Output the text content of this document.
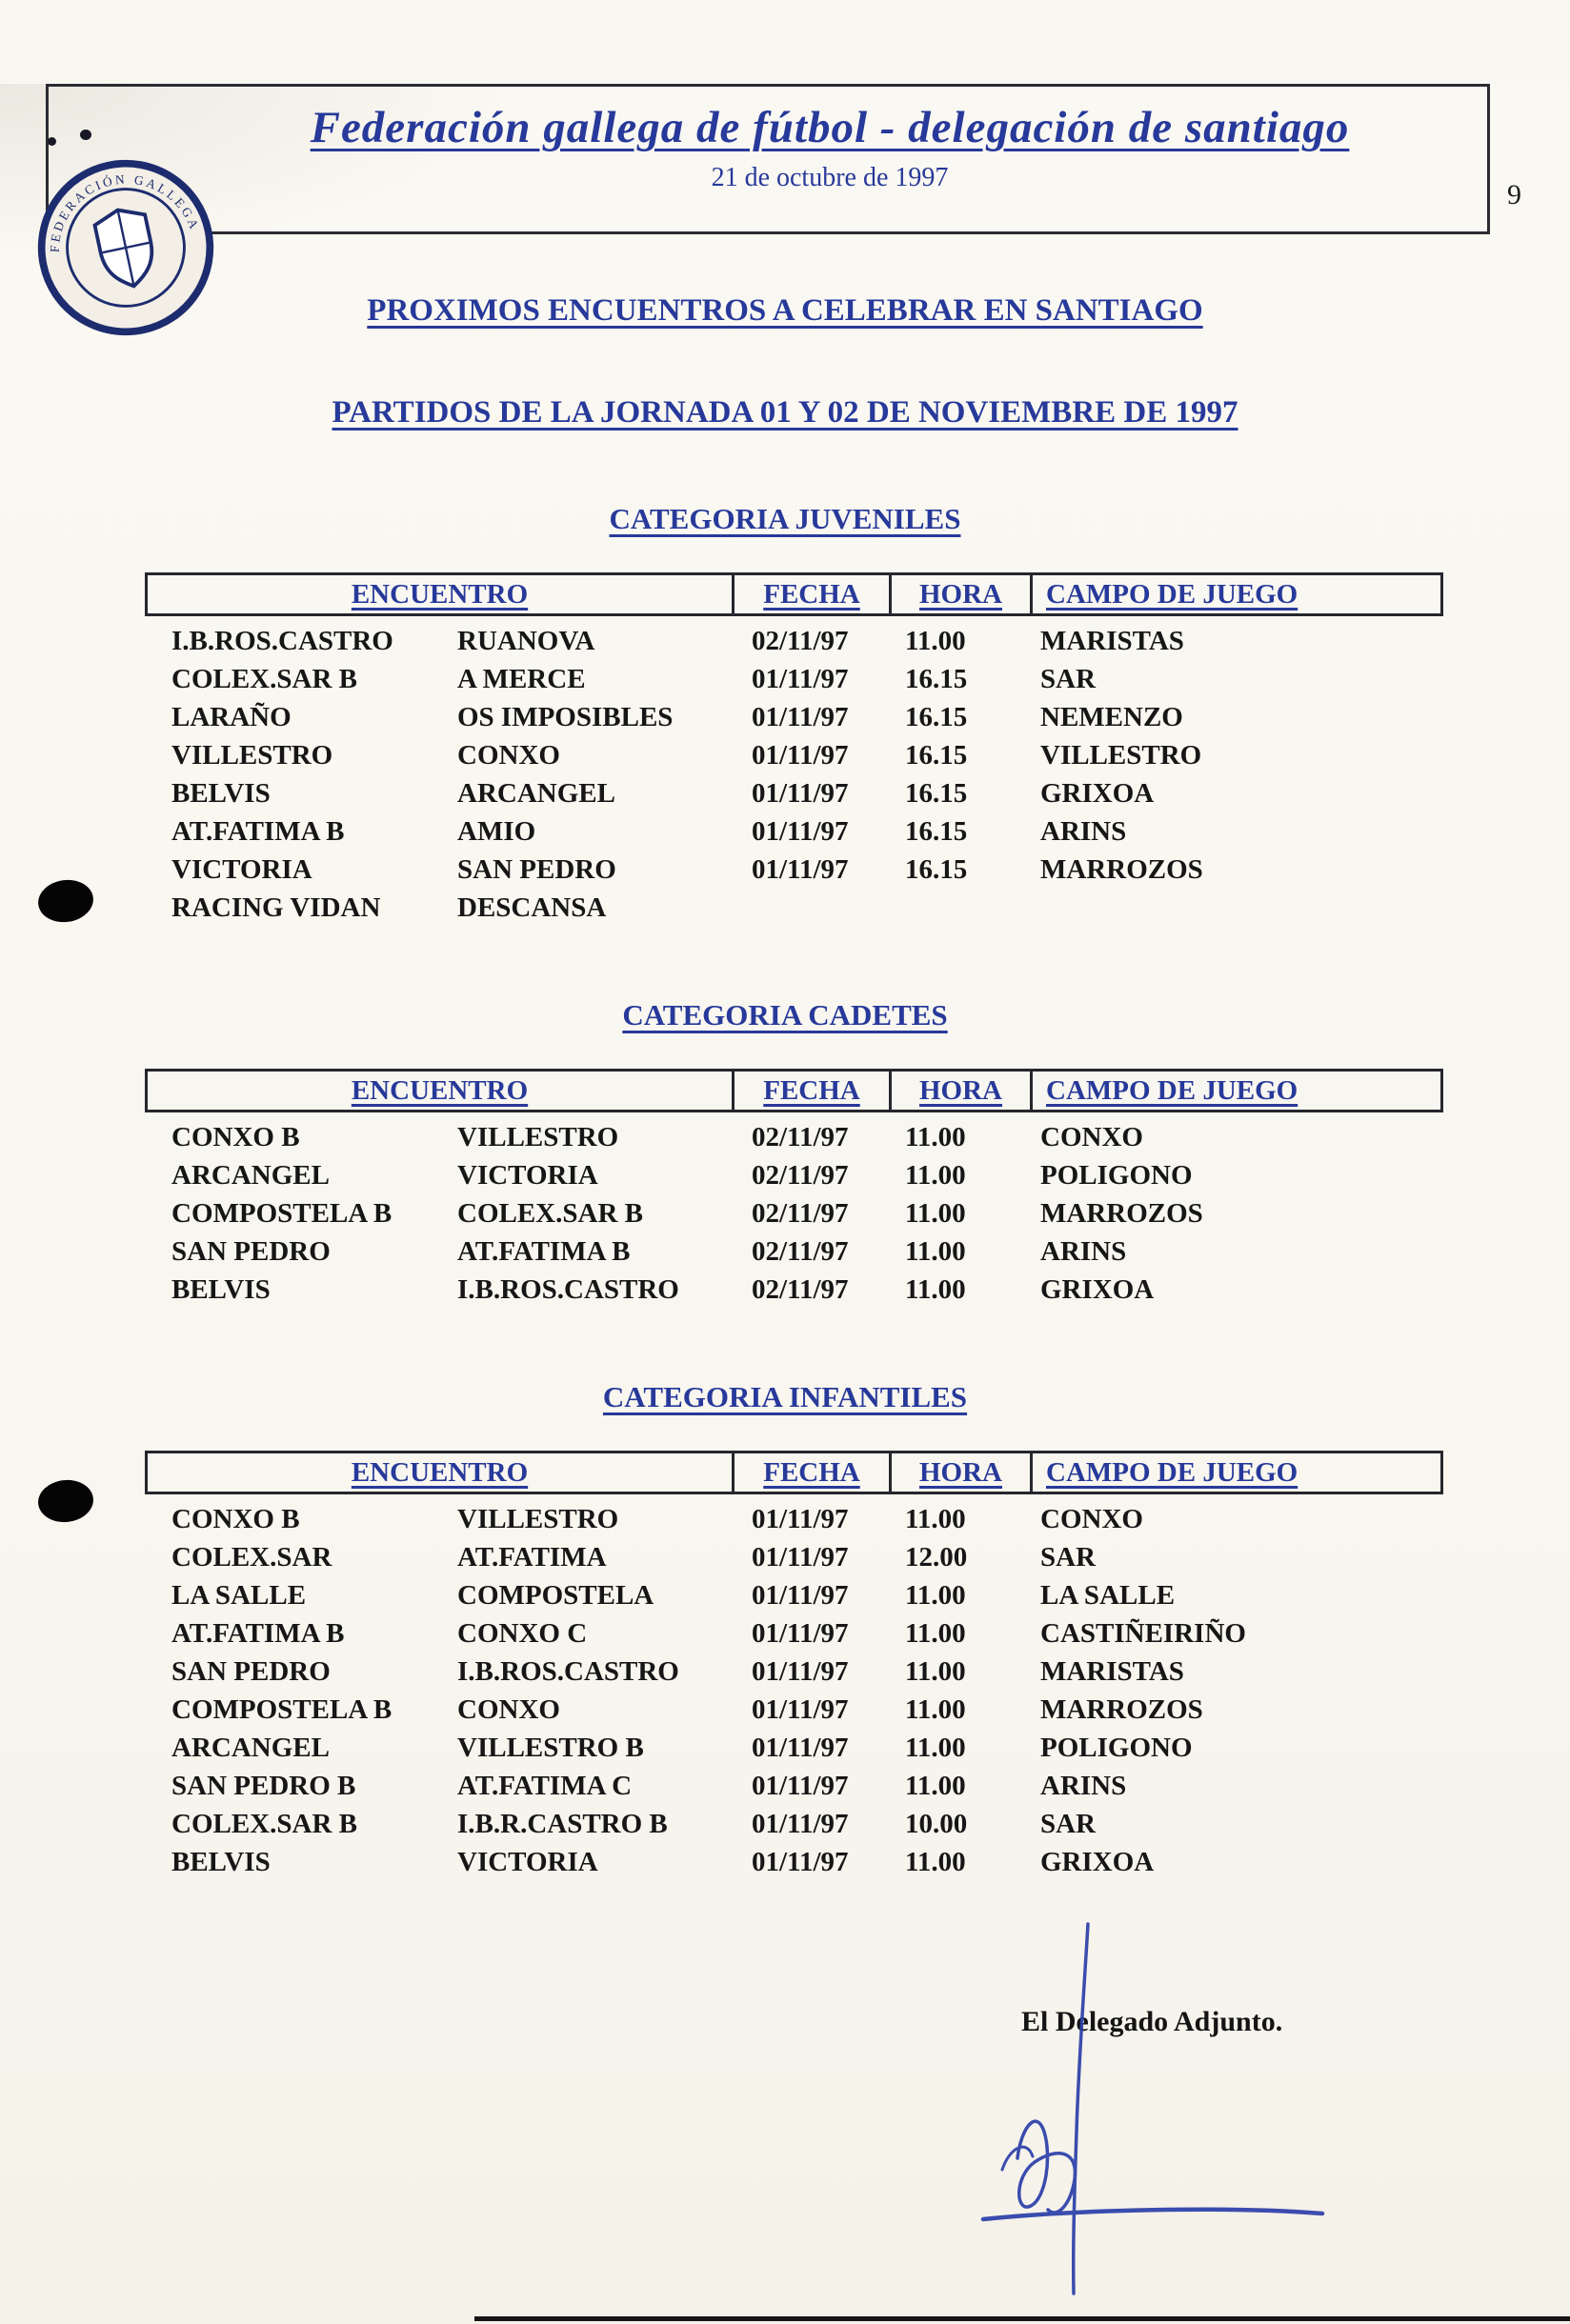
9
Federación gallega de fútbol - delegación de santiago
21 de octubre de 1997
FEDERACIÓN GALLEGA
PROXIMOS ENCUENTROS A CELEBRAR EN SANTIAGO
PARTIDOS DE LA JORNADA 01 Y 02 DE NOVIEMBRE DE 1997
CATEGORIA JUVENILES
ENCUENTRO	FECHA	HORA	CAMPO DE JUEGO
I.B.ROS.CASTRO	RUANOVA	02/11/97	11.00	MARISTAS
COLEX.SAR B	A MERCE	01/11/97	16.15	SAR
LARAÑO	OS IMPOSIBLES	01/11/97	16.15	NEMENZO
VILLESTRO	CONXO	01/11/97	16.15	VILLESTRO
BELVIS	ARCANGEL	01/11/97	16.15	GRIXOA
AT.FATIMA B	AMIO	01/11/97	16.15	ARINS
VICTORIA	SAN PEDRO	01/11/97	16.15	MARROZOS
RACING VIDAN	DESCANSA
CATEGORIA CADETES
ENCUENTRO	FECHA	HORA	CAMPO DE JUEGO
CONXO B	VILLESTRO	02/11/97	11.00	CONXO
ARCANGEL	VICTORIA	02/11/97	11.00	POLIGONO
COMPOSTELA B	COLEX.SAR B	02/11/97	11.00	MARROZOS
SAN PEDRO	AT.FATIMA B	02/11/97	11.00	ARINS
BELVIS	I.B.ROS.CASTRO	02/11/97	11.00	GRIXOA
CATEGORIA INFANTILES
ENCUENTRO	FECHA	HORA	CAMPO DE JUEGO
CONXO B	VILLESTRO	01/11/97	11.00	CONXO
COLEX.SAR	AT.FATIMA	01/11/97	12.00	SAR
LA SALLE	COMPOSTELA	01/11/97	11.00	LA SALLE
AT.FATIMA B	CONXO C	01/11/97	11.00	CASTIÑEIRIÑO
SAN PEDRO	I.B.ROS.CASTRO	01/11/97	11.00	MARISTAS
COMPOSTELA B	CONXO	01/11/97	11.00	MARROZOS
ARCANGEL	VILLESTRO B	01/11/97	11.00	POLIGONO
SAN PEDRO B	AT.FATIMA C	01/11/97	11.00	ARINS
COLEX.SAR B	I.B.R.CASTRO B	01/11/97	10.00	SAR
BELVIS	VICTORIA	01/11/97	11.00	GRIXOA
El Delegado Adjunto.
